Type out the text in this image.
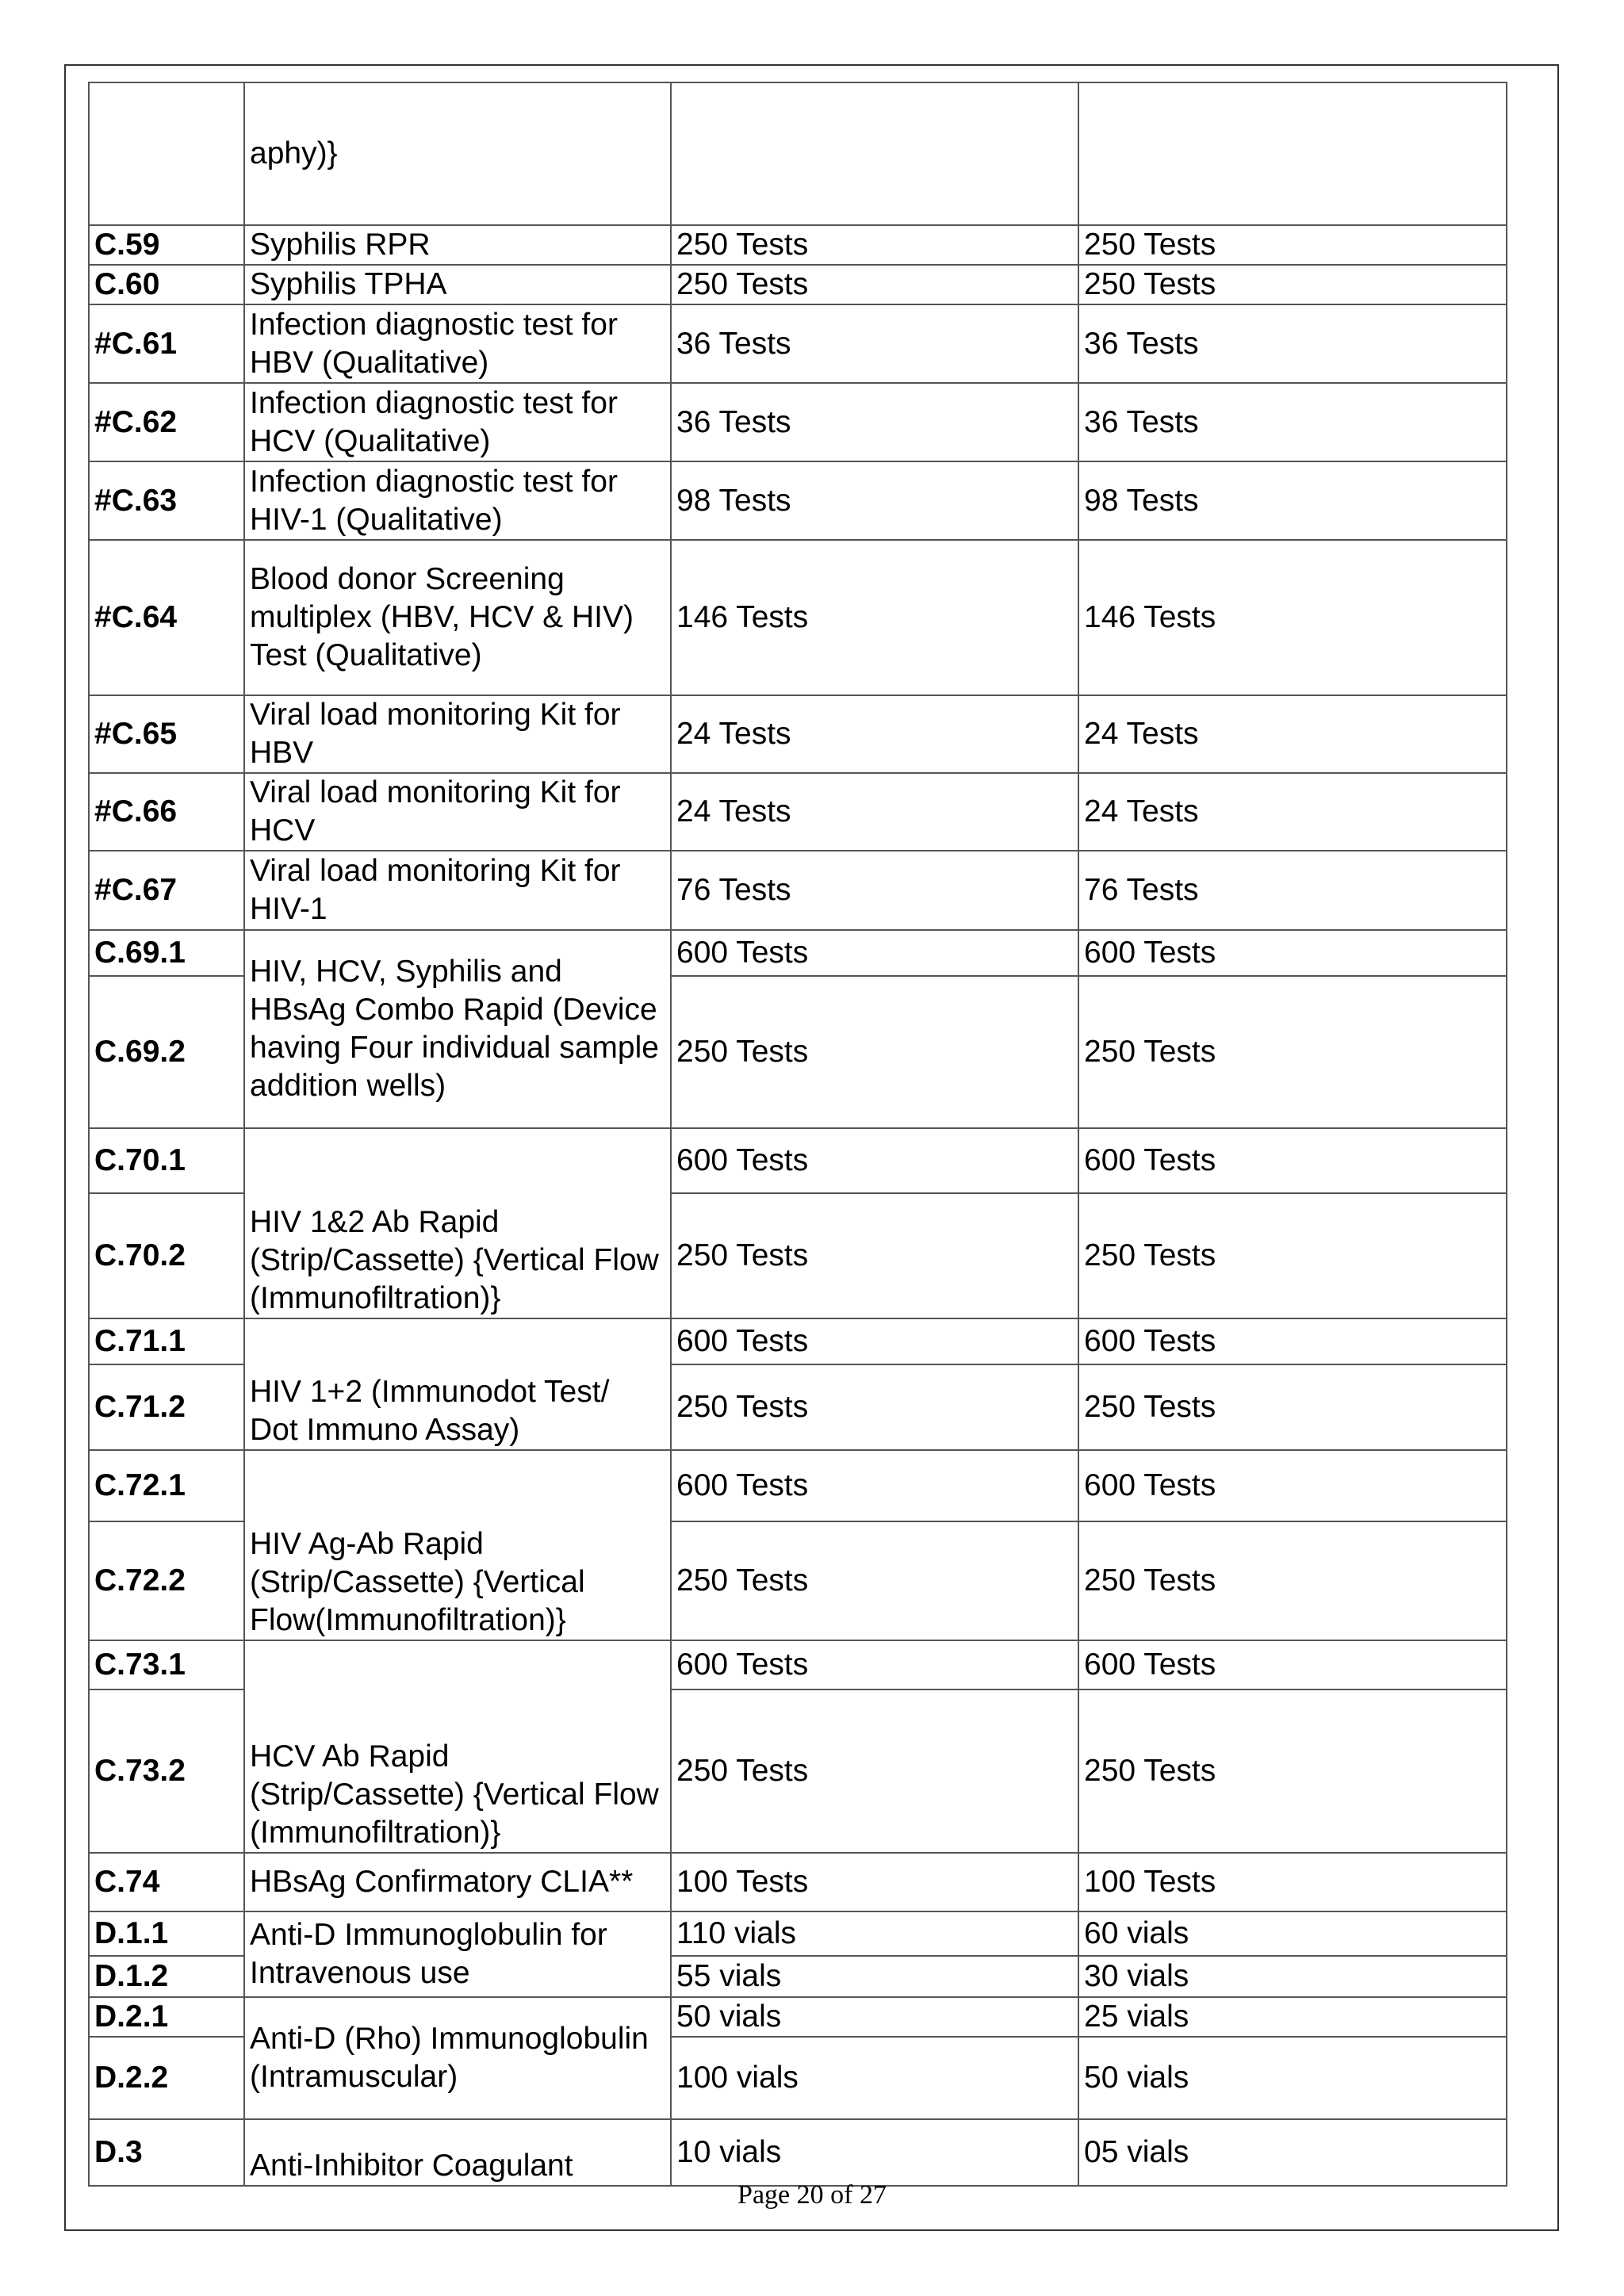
	aphy)}		
C.59	Syphilis RPR	250 Tests	250 Tests
C.60	Syphilis TPHA	250 Tests	250 Tests
#C.61	Infection diagnostic test for HBV (Qualitative)	36 Tests	36 Tests
#C.62	Infection diagnostic test for HCV (Qualitative)	36 Tests	36 Tests
#C.63	Infection diagnostic test for HIV-1 (Qualitative)	98 Tests	98 Tests
#C.64	Blood donor Screening multiplex (HBV, HCV & HIV) Test (Qualitative)	146 Tests	146 Tests
#C.65	Viral load monitoring Kit for HBV	24 Tests	24 Tests
#C.66	Viral load monitoring Kit for HCV	24 Tests	24 Tests
#C.67	Viral load monitoring Kit for HIV-1	76 Tests	76 Tests
C.69.1	HIV, HCV, Syphilis and HBsAg Combo Rapid (Device having Four individual sample addition wells)	600 Tests	600 Tests
C.69.2		250 Tests	250 Tests
C.70.1	HIV 1&2 Ab Rapid (Strip/Cassette) {Vertical Flow (Immunofiltration)}	600 Tests	600 Tests
C.70.2		250 Tests	250 Tests
C.71.1	HIV 1+2 (Immunodot Test/ Dot Immuno Assay)	600 Tests	600 Tests
C.71.2		250 Tests	250 Tests
C.72.1	HIV Ag-Ab Rapid (Strip/Cassette) {Vertical Flow(Immunofiltration)}	600 Tests	600 Tests
C.72.2		250 Tests	250 Tests
C.73.1	HCV Ab Rapid (Strip/Cassette) {Vertical Flow (Immunofiltration)}	600 Tests	600 Tests
C.73.2		250 Tests	250 Tests
C.74	HBsAg Confirmatory CLIA**	100 Tests	100 Tests
D.1.1	Anti-D Immunoglobulin for Intravenous use	110 vials	60 vials
D.1.2		55 vials	30 vials
D.2.1	Anti-D (Rho) Immunoglobulin (Intramuscular)	50 vials	25 vials
D.2.2		100 vials	50 vials
D.3	Anti-Inhibitor Coagulant	10 vials	05 vials
Page 20 of 27
